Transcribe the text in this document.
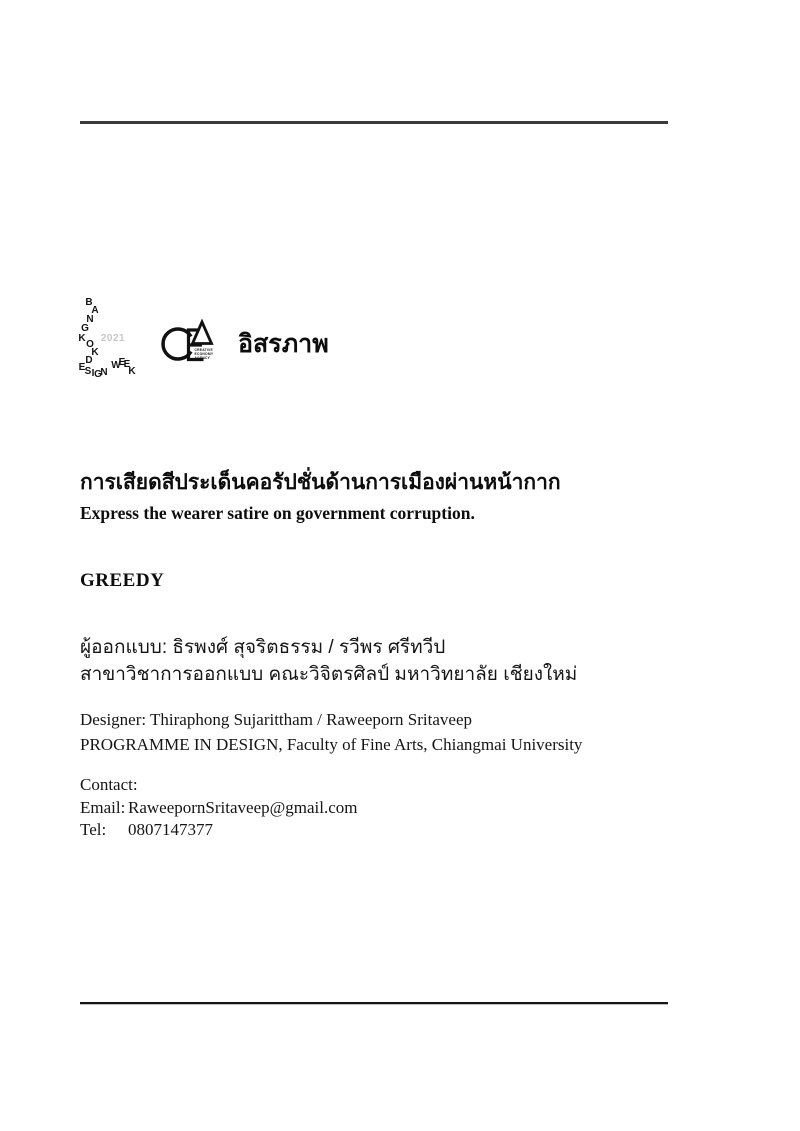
B
A
N
G
K
O
K
D
E S I G
N
W
E
E
K
2021
CREATIVE
ECONOMY
AGENCY อิสรภาพ
การเสียดสีประเด็นคอรัปชั่นด้านการเมืองผ่านหน้ากาก
Express the wearer satire on government corruption.
GREEDY
ผู้ออกแบบ: ธิรพงศ์ สุจริตธรรม / รวีพร ศรีทวีป
สาขาวิชาการออกแบบ คณะวิจิตรศิลป์ มหาวิทยาลัย เชียงใหม่
Designer: Thiraphong Sujarittham / Raweeporn Sritaveep
PROGRAMME IN DESIGN, Faculty of Fine Arts, Chiangmai University
Contact:
Email: RaweepornSritaveep@gmail.com
Tel: 0807147377
